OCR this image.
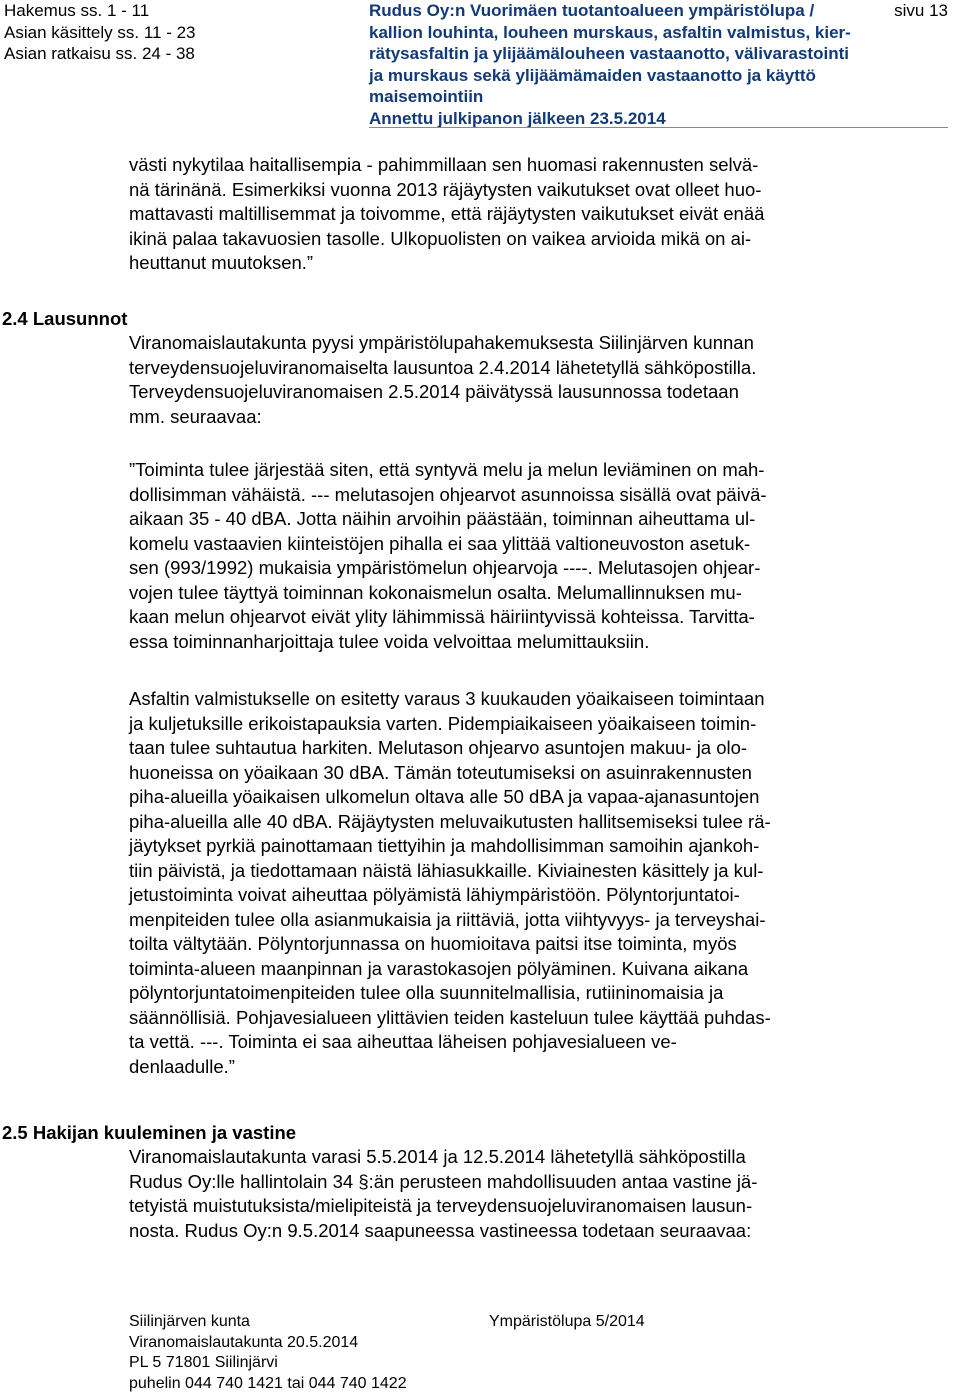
Hakemus ss. 1 - 11
Asian käsittely ss. 11 - 23
Asian ratkaisu ss. 24 - 38
Rudus Oy:n Vuorimäen tuotantoalueen ympäristölupa /
kallion louhinta, louheen murskaus, asfaltin valmistus, kier-
rätysasfaltin ja ylijäämälouheen vastaanotto, välivarastointi
ja murskaus sekä ylijäämämaiden vastaanotto ja käyttö
maisemointiin
Annettu julkipanon jälkeen 23.5.2014
sivu 13

västi nykytilaa haitallisempia - pahimmillaan sen huomasi rakennusten selvä-

nä tärinänä. Esimerkiksi vuonna 2013 räjäytysten vaikutukset ovat olleet huo-

mattavasti maltillisemmat ja toivomme, että räjäytysten vaikutukset eivät enää

ikinä palaa takavuosien tasolle. Ulkopuolisten on vaikea arvioida mikä on ai-

heuttanut muutoksen.”

2.4 Lausunnot

Viranomaislautakunta pyysi ympäristölupahakemuksesta Siilinjärven kunnan

terveydensuojeluviranomaiselta lausuntoa 2.4.2014 lähetetyllä sähköpostilla.

Terveydensuojeluviranomaisen 2.5.2014 päivätyssä lausunnossa todetaan

mm. seuraavaa:

”Toiminta tulee järjestää siten, että syntyvä melu ja melun leviäminen on mah-

dollisimman vähäistä. --- melutasojen ohjearvot asunnoissa sisällä ovat päivä-

aikaan 35 - 40 dBA. Jotta näihin arvoihin päästään, toiminnan aiheuttama ul-

komelu vastaavien kiinteistöjen pihalla ei saa ylittää valtioneuvoston asetuk-

sen (993/1992) mukaisia ympäristömelun ohjearvoja ----. Melutasojen ohjear-

vojen tulee täyttyä toiminnan kokonaismelun osalta. Melumallinnuksen mu-

kaan melun ohjearvot eivät ylity lähimmissä häiriintyvissä kohteissa. Tarvitta-

essa toiminnanharjoittaja tulee voida velvoittaa melumittauksiin.

Asfaltin valmistukselle on esitetty varaus 3 kuukauden yöaikaiseen toimintaan

ja kuljetuksille erikoistapauksia varten. Pidempiaikaiseen yöaikaiseen toimin-

taan tulee suhtautua harkiten. Melutason ohjearvo asuntojen makuu- ja olo-

huoneissa on yöaikaan 30 dBA. Tämän toteutumiseksi on asuinrakennusten

piha-alueilla yöaikaisen ulkomelun oltava alle 50 dBA ja vapaa-ajanasuntojen

piha-alueilla alle 40 dBA. Räjäytysten meluvaikutusten hallitsemiseksi tulee rä-

jäytykset pyrkiä painottamaan tiettyihin ja mahdollisimman samoihin ajankoh-

tiin päivistä, ja tiedottamaan näistä lähiasukkaille. Kiviainesten käsittely ja kul-

jetustoiminta voivat aiheuttaa pölyämistä lähiympäristöön. Pölyntorjuntatoi-

menpiteiden tulee olla asianmukaisia ja riittäviä, jotta viihtyvyys- ja terveyshai-

toilta vältytään. Pölyntorjunnassa on huomioitava paitsi itse toiminta, myös

toiminta-alueen maanpinnan ja varastokasojen pölyäminen. Kuivana aikana

pölyntorjuntatoimenpiteiden tulee olla suunnitelmallisia, rutiininomaisia ja

säännöllisiä. Pohjavesialueen ylittävien teiden kasteluun tulee käyttää puhdas-

ta vettä. ---. Toiminta ei saa aiheuttaa läheisen pohjavesialueen ve-

denlaadulle.”

2.5 Hakijan kuuleminen ja vastine

Viranomaislautakunta varasi 5.5.2014 ja 12.5.2014 lähetetyllä sähköpostilla

Rudus Oy:lle hallintolain 34 §:än perusteen mahdollisuuden antaa vastine jä-

tetyistä muistutuksista/mielipiteistä ja terveydensuojeluviranomaisen lausun-

nosta. Rudus Oy:n 9.5.2014 saapuneessa vastineessa todetaan seuraavaa:

Siilinjärven kunta
Viranomaislautakunta 20.5.2014
PL 5 71801 Siilinjärvi
puhelin 044 740 1421 tai 044 740 1422
Ympäristölupa 5/2014
